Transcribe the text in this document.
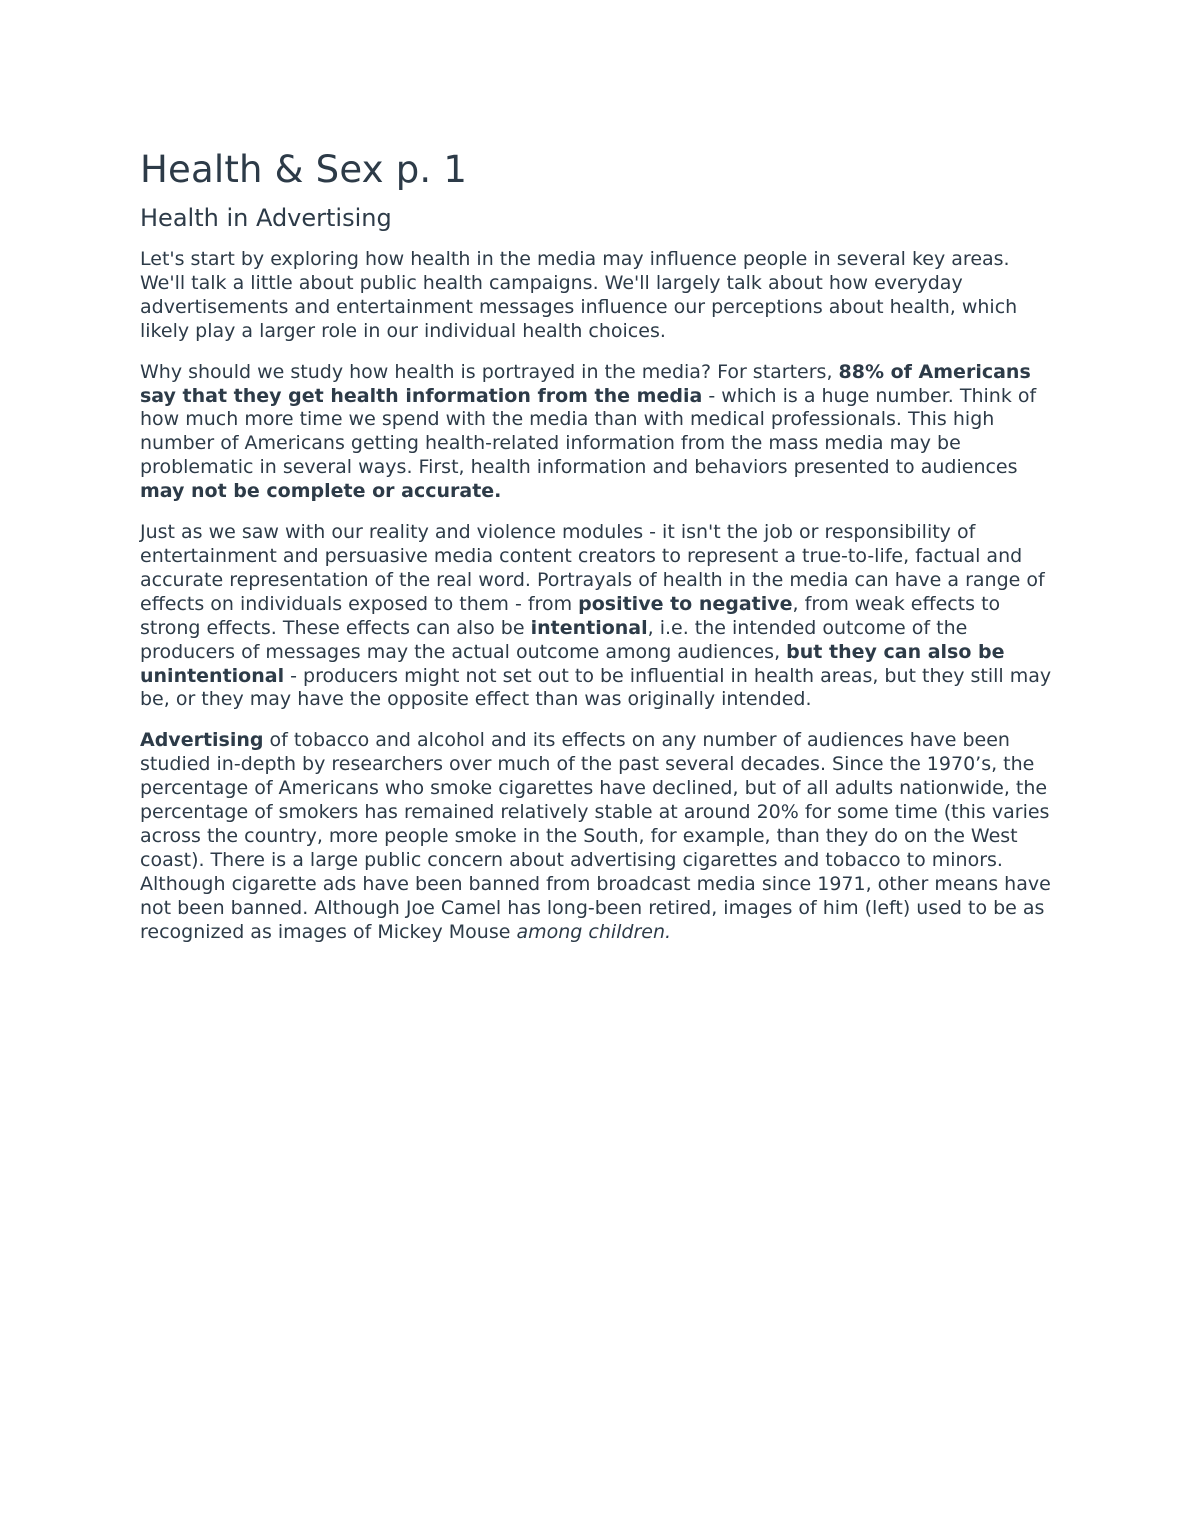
Health & Sex p. 1
Health in Advertising

Let's start by exploring how health in the media may influence people in several key areas. We'll talk a little about public health campaigns. We'll largely talk about how everyday advertisements and entertainment messages influence our perceptions about health, which likely play a larger role in our individual health choices.

Why should we study how health is portrayed in the media? For starters, 88% of Americans say that they get health information from the media - which is a huge number. Think of how much more time we spend with the media than with medical professionals. This high number of Americans getting health-related information from the mass media may be problematic in several ways. First, health information and behaviors presented to audiences may not be complete or accurate.

Just as we saw with our reality and violence modules - it isn't the job or responsibility of entertainment and persuasive media content creators to represent a true-to-life, factual and accurate representation of the real word. Portrayals of health in the media can have a range of effects on individuals exposed to them - from positive to negative, from weak effects to strong effects. These effects can also be intentional, i.e. the intended outcome of the producers of messages may the actual outcome among audiences, but they can also be unintentional - producers might not set out to be influential in health areas, but they still may be, or they may have the opposite effect than was originally intended.

Advertising of tobacco and alcohol and its effects on any number of audiences have been studied in-depth by researchers over much of the past several decades. Since the 1970’s, the percentage of Americans who smoke cigarettes have declined, but of all adults nationwide, the percentage of smokers has remained relatively stable at around 20% for some time (this varies across the country, more people smoke in the South, for example, than they do on the West coast). There is a large public concern about advertising cigarettes and tobacco to minors. Although cigarette ads have been banned from broadcast media since 1971, other means have not been banned. Although Joe Camel has long-been retired, images of him (left) used to be as recognized as images of Mickey Mouse among children.
